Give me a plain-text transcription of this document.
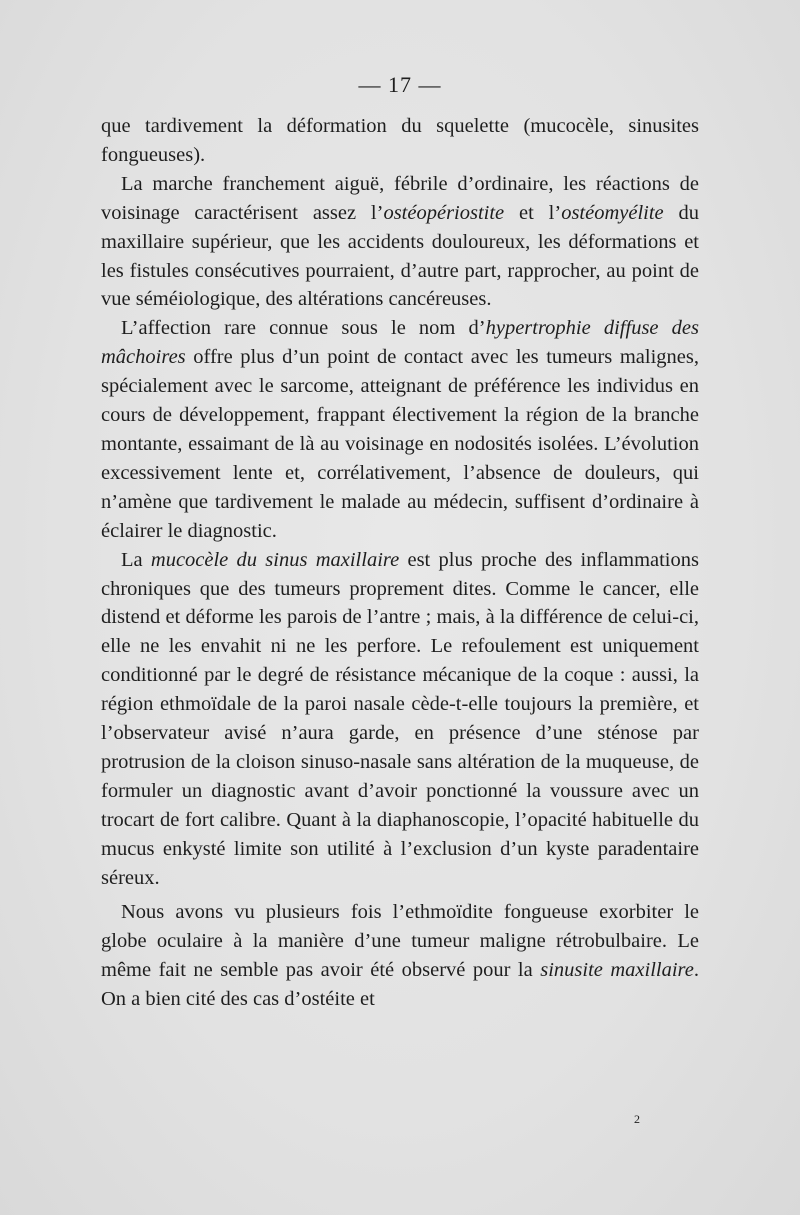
— 17 —

que tardivement la déformation du squelette (mucocèle, sinusites fongueuses).

La marche franchement aiguë, fébrile d’ordinaire, les réactions de voisinage caractérisent assez l’ostéopériostite et l’ostéomyélite du maxillaire supérieur, que les accidents douloureux, les déformations et les fistules consécutives pourraient, d’autre part, rapprocher, au point de vue séméiologique, des altérations cancéreuses.

L’affection rare connue sous le nom d’hypertrophie diffuse des mâchoires offre plus d’un point de contact avec les tumeurs malignes, spécialement avec le sarcome, atteignant de préférence les individus en cours de développement, frappant électivement la région de la branche montante, essaimant de là au voisinage en nodosités isolées. L’évolution excessivement lente et, corrélativement, l’absence de douleurs, qui n’amène que tardivement le malade au médecin, suffisent d’ordinaire à éclairer le diagnostic.

La mucocèle du sinus maxillaire est plus proche des inflammations chroniques que des tumeurs proprement dites. Comme le cancer, elle distend et déforme les parois de l’antre ; mais, à la différence de celui-ci, elle ne les envahit ni ne les perfore. Le refoulement est uniquement conditionné par le degré de résistance mécanique de la coque : aussi, la région ethmoïdale de la paroi nasale cède-t-elle toujours la première, et l’observateur avisé n’aura garde, en présence d’une sténose par protrusion de la cloison sinuso-nasale sans altération de la muqueuse, de formuler un diagnostic avant d’avoir ponctionné la voussure avec un trocart de fort calibre. Quant à la diaphanoscopie, l’opacité habituelle du mucus enkysté limite son utilité à l’exclusion d’un kyste paradentaire séreux.

Nous avons vu plusieurs fois l’ethmoïdite fongueuse exorbiter le globe oculaire à la manière d’une tumeur maligne rétrobulbaire. Le même fait ne semble pas avoir été observé pour la sinusite maxillaire. On a bien cité des cas d’ostéite et

2
